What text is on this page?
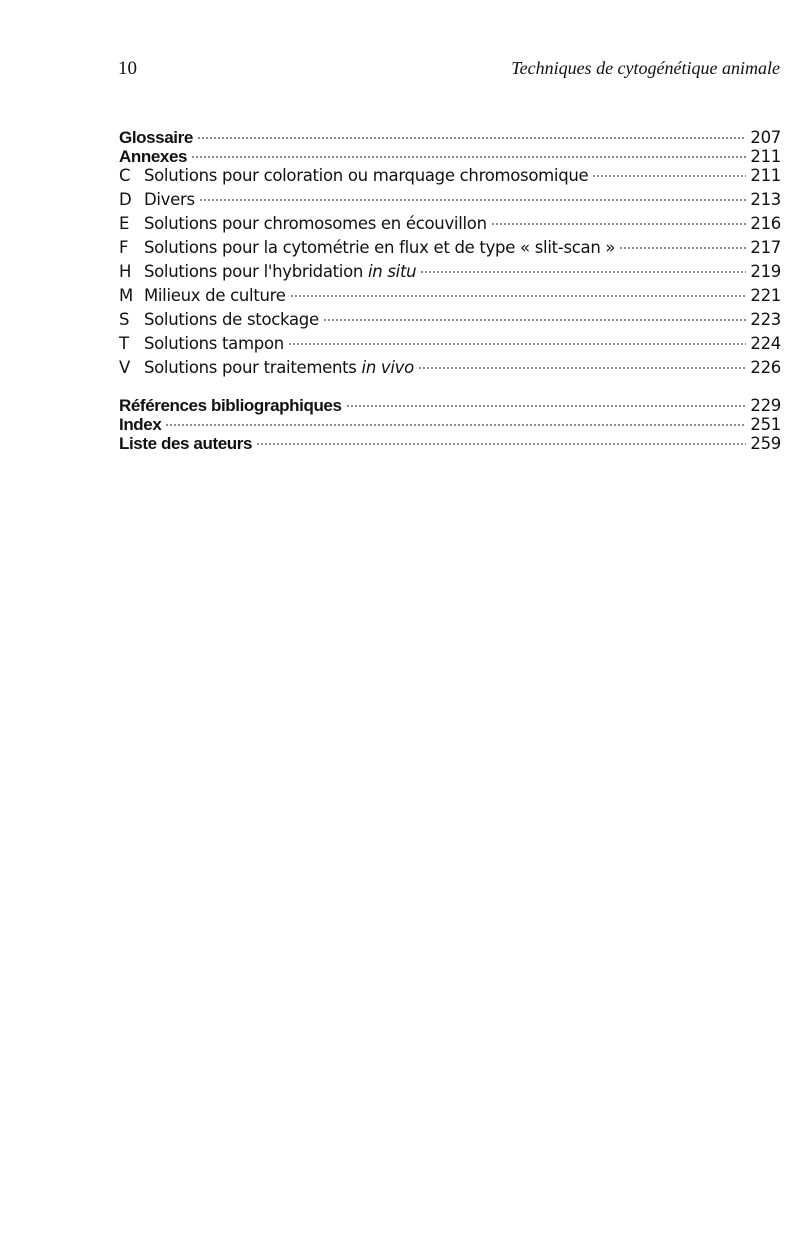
10	Techniques de cytogénétique animale
Glossaire	207
Annexes	211
C Solutions pour coloration ou marquage chromosomique	211
D Divers	213
E Solutions pour chromosomes en écouvillon	216
F Solutions pour la cytométrie en flux et de type « slit-scan »	217
H Solutions pour l'hybridation in situ	219
M Milieux de culture	221
S Solutions de stockage	223
T Solutions tampon	224
V Solutions pour traitements in vivo	226
Références bibliographiques	229
Index	251
Liste des auteurs	259
